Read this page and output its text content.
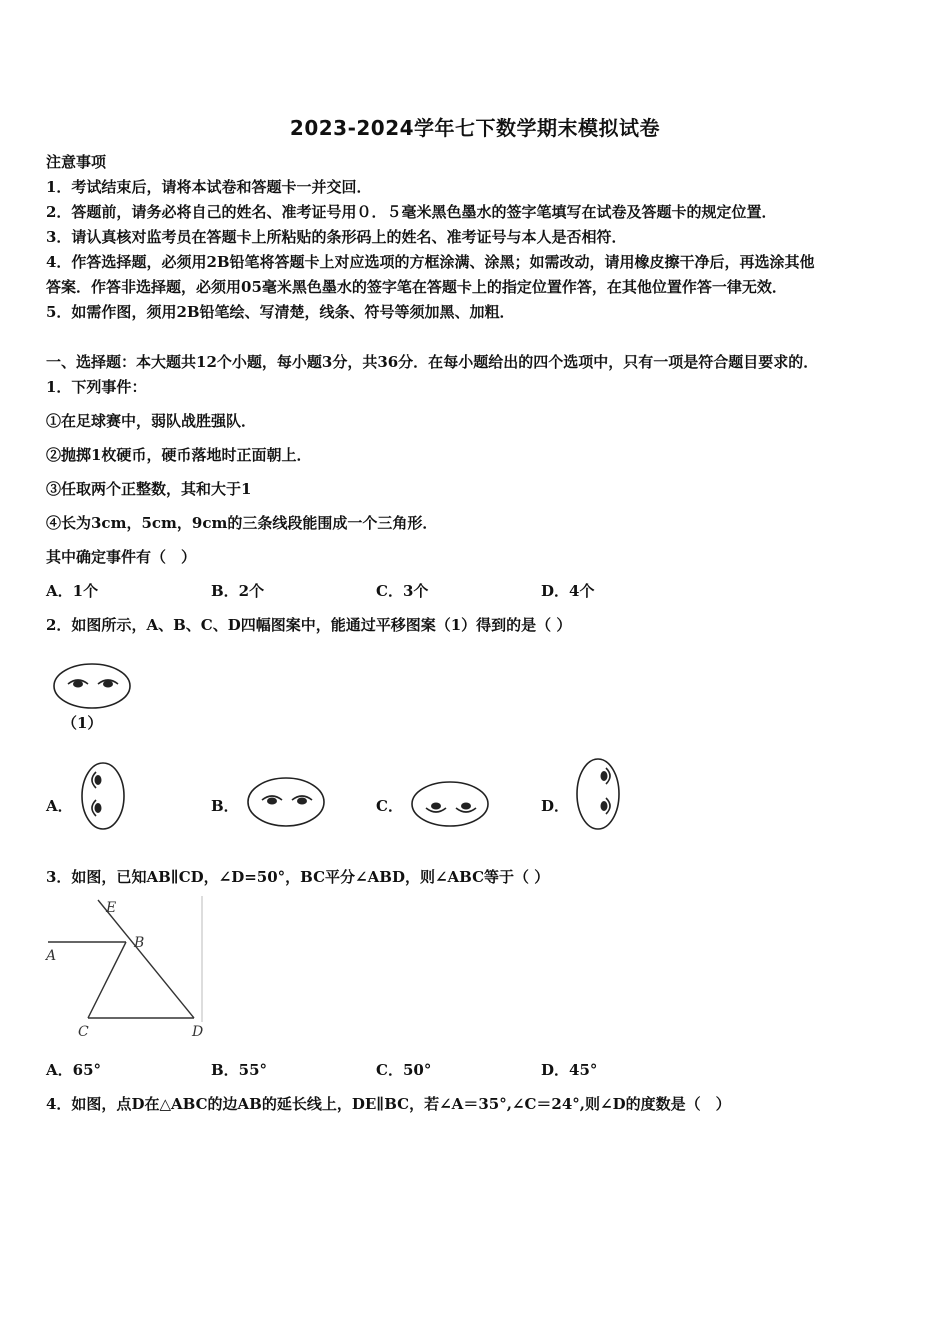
2023-2024学年七下数学期末模拟试卷
注意事项
1．考试结束后，请将本试卷和答题卡一并交回．
2．答题前，请务必将自己的姓名、准考证号用０．５毫米黑色墨水的签字笔填写在试卷及答题卡的规定位置．
3．请认真核对监考员在答题卡上所粘贴的条形码上的姓名、准考证号与本人是否相符．
4．作答选择题，必须用2B铅笔将答题卡上对应选项的方框涂满、涂黑；如需改动，请用橡皮擦干净后，再选涂其他
答案．作答非选择题，必须用05毫米黑色墨水的签字笔在答题卡上的指定位置作答，在其他位置作答一律无效．
5．如需作图，须用2B铅笔绘、写清楚，线条、符号等须加黑、加粗．
一、选择题：本大题共12个小题，每小题3分，共36分．在每小题给出的四个选项中，只有一项是符合题目要求的．
1．下列事件：
①在足球赛中，弱队战胜强队．
②抛掷1枚硬币，硬币落地时正面朝上．
③任取两个正整数，其和大于1
④长为3cm，5cm，9cm的三条线段能围成一个三角形．
其中确定事件有（　）
A．1个	B．2个	C．3个	D．4个
2．如图所示，A、B、C、D四幅图案中，能通过平移图案（1）得到的是（ ）
（1）
A．	B．	C．	D．
3．如图，已知AB∥CD，∠D=50°，BC平分∠ABD，则∠ABC等于（ ）
E
B
A
C	D
A．65°	B．55°	C．50°	D．45°
4．如图，点D在△ABC的边AB的延长线上，DE∥BC，若∠A＝35°,∠C＝24°,则∠D的度数是（　）
